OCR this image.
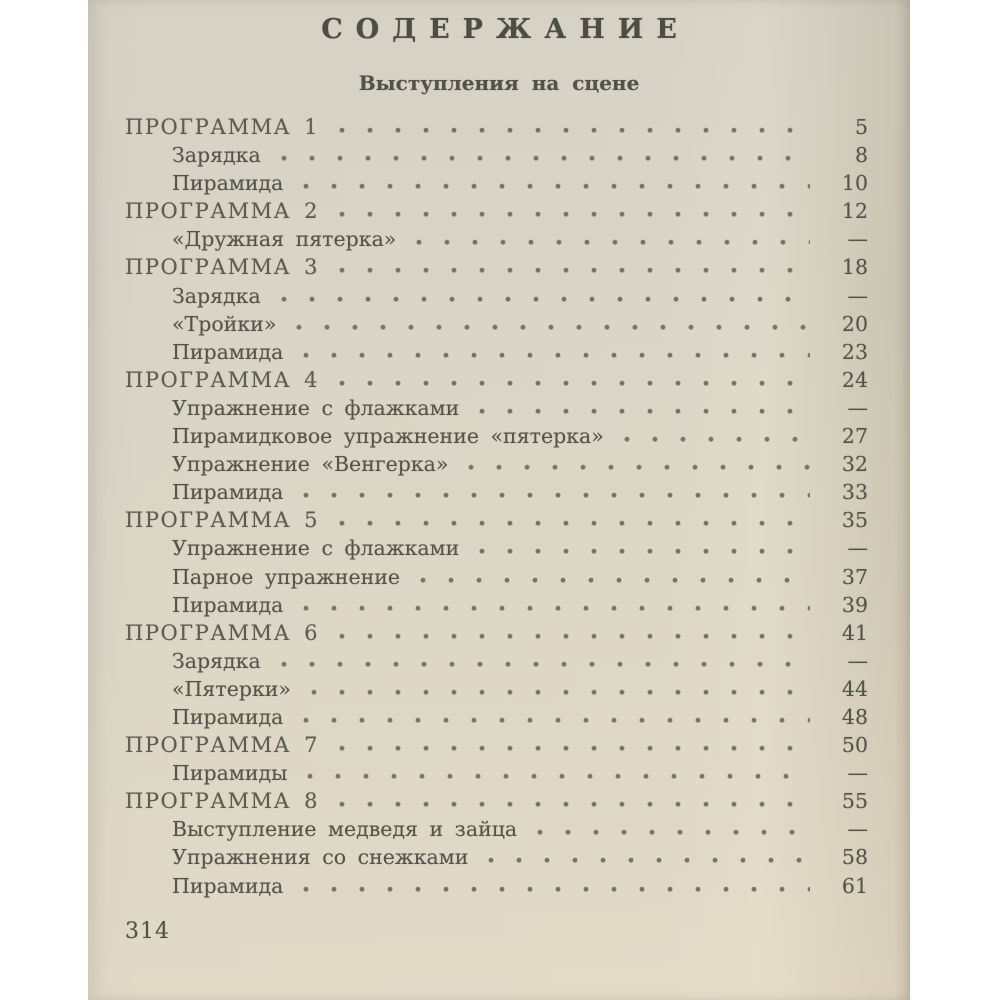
СОДЕРЖАНИЕ
Выступления на сцене
ПРОГРАММА 1	5
Зарядка	8
Пирамида	10
ПРОГРАММА 2	12
«Дружная пятерка»	—
ПРОГРАММА 3	18
Зарядка	—
«Тройки»	20
Пирамида	23
ПРОГРАММА 4	24
Упражнение с флажками	—
Пирамидковое упражнение «пятерка»	27
Упражнение «Венгерка»	32
Пирамида	33
ПРОГРАММА 5	35
Упражнение с флажками	—
Парное упражнение	37
Пирамида	39
ПРОГРАММА 6	41
Зарядка	—
«Пятерки»	44
Пирамида	48
ПРОГРАММА 7	50
Пирамиды	—
ПРОГРАММА 8	55
Выступление медведя и зайца	—
Упражнения со снежками	58
Пирамида	61
314
